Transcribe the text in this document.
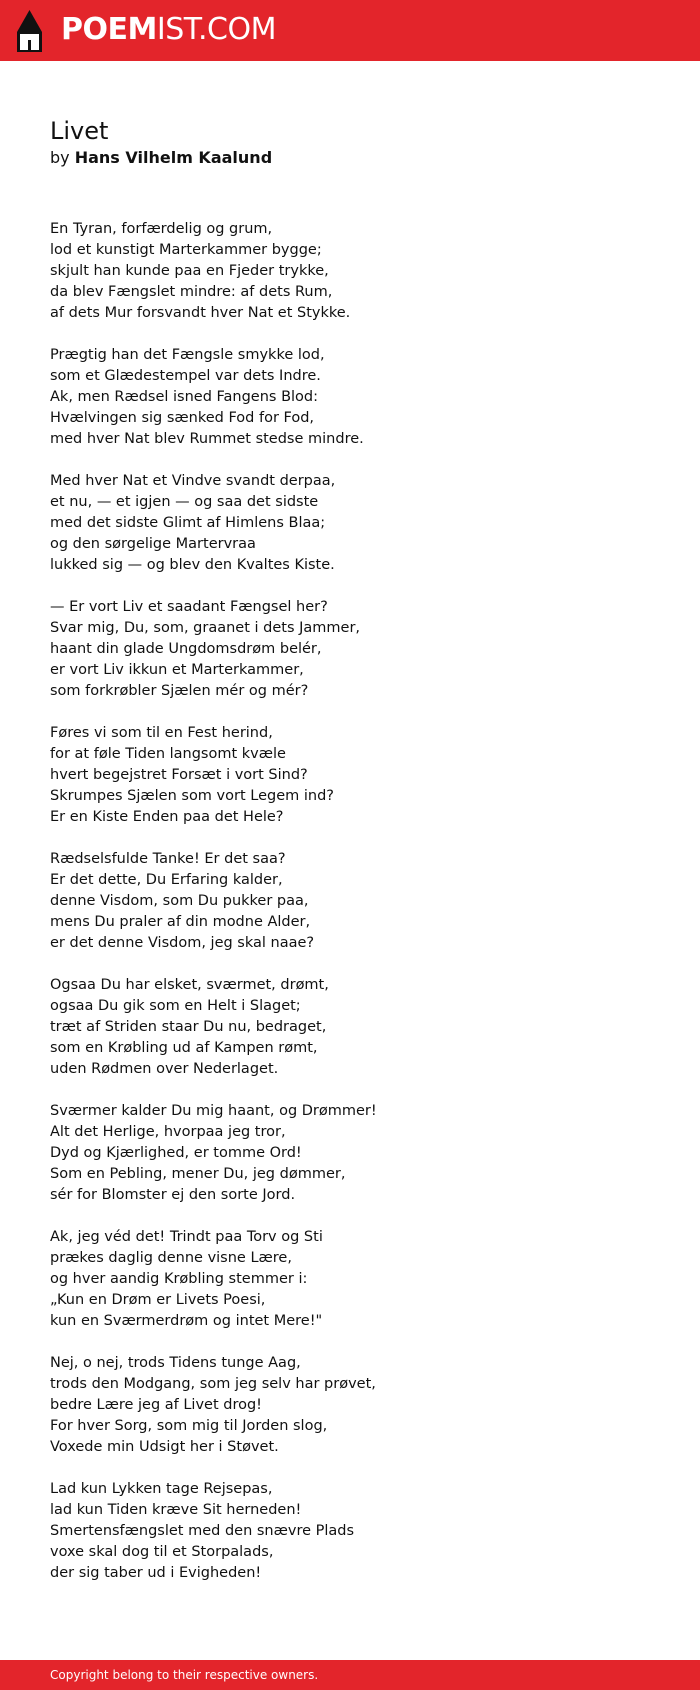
POEMIST.COM
Livet
by Hans Vilhelm Kaalund
En Tyran, forfærdelig og grum,
lod et kunstigt Marterkammer bygge;
skjult han kunde paa en Fjeder trykke,
da blev Fængslet mindre: af dets Rum,
af dets Mur forsvandt hver Nat et Stykke.
Prægtig han det Fængsle smykke lod,
som et Glædestempel var dets Indre.
Ak, men Rædsel isned Fangens Blod:
Hvælvingen sig sænked Fod for Fod,
med hver Nat blev Rummet stedse mindre.
Med hver Nat et Vindve svandt derpaa,
et nu, — et igjen — og saa det sidste
med det sidste Glimt af Himlens Blaa;
og den sørgelige Martervraa
lukked sig — og blev den Kvaltes Kiste.
— Er vort Liv et saadant Fængsel her?
Svar mig, Du, som, graanet i dets Jammer,
haant din glade Ungdomsdrøm belér,
er vort Liv ikkun et Marterkammer,
som forkrøbler Sjælen mér og mér?
Føres vi som til en Fest herind,
for at føle Tiden langsomt kvæle
hvert begejstret Forsæt i vort Sind?
Skrumpes Sjælen som vort Legem ind?
Er en Kiste Enden paa det Hele?
Rædselsfulde Tanke! Er det saa?
Er det dette, Du Erfaring kalder,
denne Visdom, som Du pukker paa,
mens Du praler af din modne Alder,
er det denne Visdom, jeg skal naae?
Ogsaa Du har elsket, sværmet, drømt,
ogsaa Du gik som en Helt i Slaget;
træt af Striden staar Du nu, bedraget,
som en Krøbling ud af Kampen rømt,
uden Rødmen over Nederlaget.
Sværmer kalder Du mig haant, og Drømmer!
Alt det Herlige, hvorpaa jeg tror,
Dyd og Kjærlighed, er tomme Ord!
Som en Pebling, mener Du, jeg dømmer,
sér for Blomster ej den sorte Jord.
Ak, jeg véd det! Trindt paa Torv og Sti
prækes daglig denne visne Lære,
og hver aandig Krøbling stemmer i:
„Kun en Drøm er Livets Poesi,
kun en Sværmerdrøm og intet Mere!"
Nej, o nej, trods Tidens tunge Aag,
trods den Modgang, som jeg selv har prøvet,
bedre Lære jeg af Livet drog!
For hver Sorg, som mig til Jorden slog,
Voxede min Udsigt her i Støvet.
Lad kun Lykken tage Rejsepas,
lad kun Tiden kræve Sit herneden!
Smertensfængslet med den snævre Plads
voxe skal dog til et Storpalads,
der sig taber ud i Evigheden!
Copyright belong to their respective owners.
